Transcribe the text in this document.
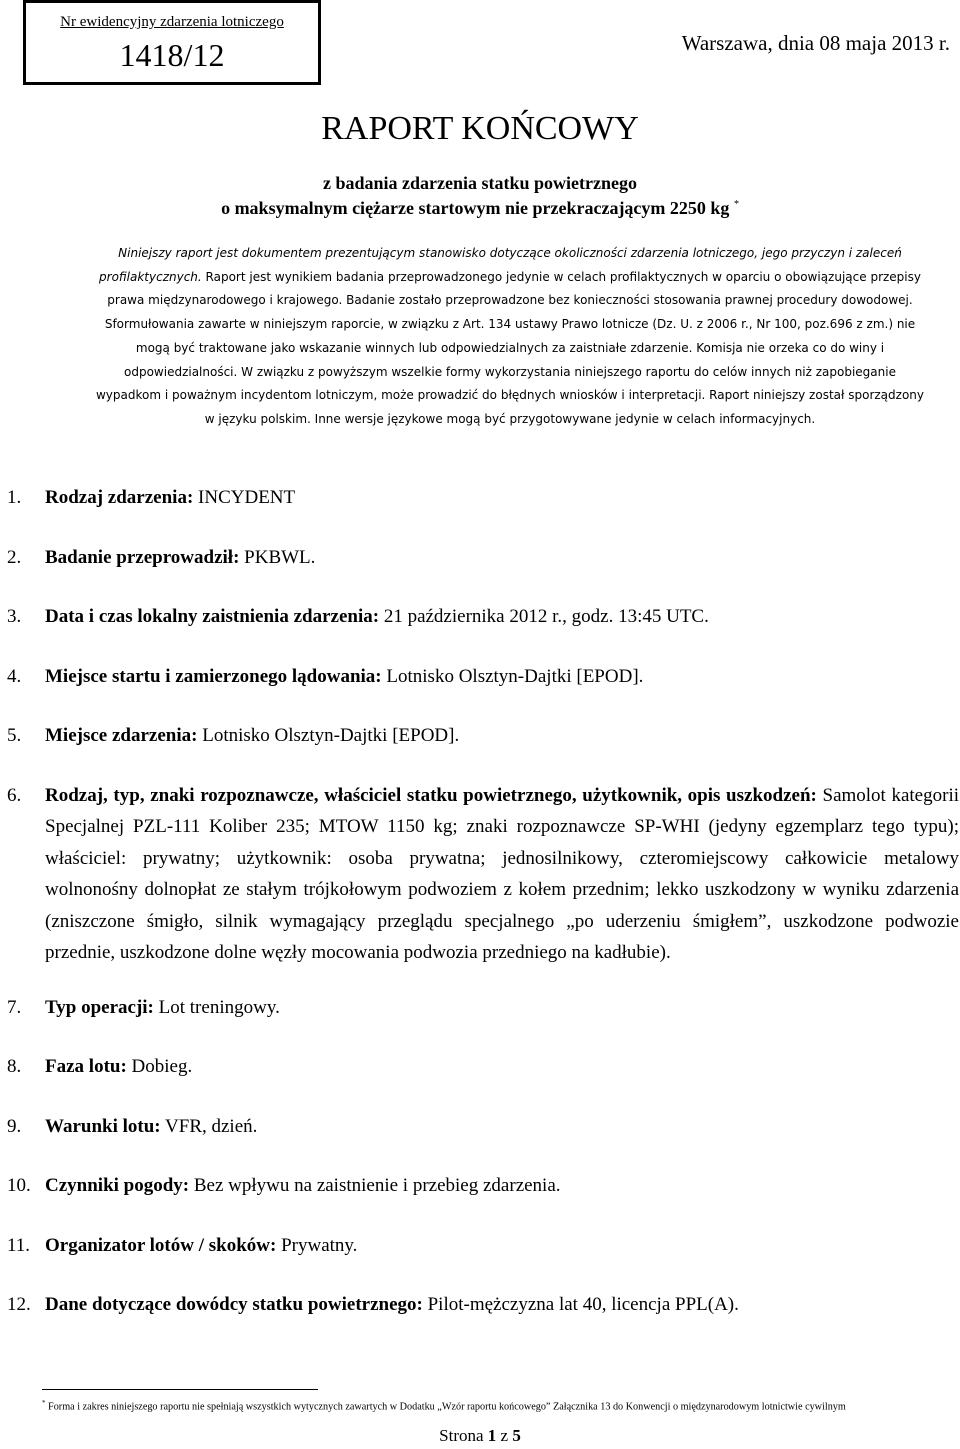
Nr ewidencyjny zdarzenia lotniczego
1418/12	Warszawa, dnia 08 maja 2013 r.
RAPORT KOŃCOWY
z badania zdarzenia statku powietrznego
o maksymalnym ciężarze startowym nie przekraczającym 2250 kg *
Niniejszy raport jest dokumentem prezentującym stanowisko dotyczące okoliczności zdarzenia lotniczego, jego przyczyn i zaleceń profilaktycznych. Raport jest wynikiem badania przeprowadzonego jedynie w celach profilaktycznych w oparciu o obowiązujące przepisy prawa międzynarodowego i krajowego. Badanie zostało przeprowadzone bez konieczności stosowania prawnej procedury dowodowej. Sformułowania zawarte w niniejszym raporcie, w związku z Art. 134 ustawy Prawo lotnicze (Dz. U. z 2006 r., Nr 100, poz.696 z zm.) nie mogą być traktowane jako wskazanie winnych lub odpowiedzialnych za zaistniałe zdarzenie. Komisja nie orzeka co do winy i odpowiedzialności. W związku z powyższym wszelkie formy wykorzystania niniejszego raportu do celów innych niż zapobieganie wypadkom i poważnym incydentom lotniczym, może prowadzić do błędnych wniosków i interpretacji. Raport niniejszy został sporządzony w języku polskim. Inne wersje językowe mogą być przygotowywane jedynie w celach informacyjnych.
1. Rodzaj zdarzenia: INCYDENT
2. Badanie przeprowadził: PKBWL.
3. Data i czas lokalny zaistnienia zdarzenia: 21 października 2012 r., godz. 13:45 UTC.
4. Miejsce startu i zamierzonego lądowania: Lotnisko Olsztyn-Dajtki [EPOD].
5. Miejsce zdarzenia: Lotnisko Olsztyn-Dajtki [EPOD].
6. Rodzaj, typ, znaki rozpoznawcze, właściciel statku powietrznego, użytkownik, opis uszkodzeń: Samolot kategorii Specjalnej PZL-111 Koliber 235; MTOW 1150 kg; znaki rozpoznawcze SP-WHI (jedyny egzemplarz tego typu); właściciel: prywatny; użytkownik: osoba prywatna; jednosilnikowy, czteromiejscowy całkowicie metalowy wolnonośny dolnopłat ze stałym trójkołowym podwoziem z kołem przednim; lekko uszkodzony w wyniku zdarzenia (zniszczone śmigło, silnik wymagający przeglądu specjalnego „po uderzeniu śmigłem”, uszkodzone podwozie przednie, uszkodzone dolne węzły mocowania podwozia przedniego na kadłubie).
7. Typ operacji: Lot treningowy.
8. Faza lotu: Dobieg.
9. Warunki lotu: VFR, dzień.
10. Czynniki pogody: Bez wpływu na zaistnienie i przebieg zdarzenia.
11. Organizator lotów / skoków: Prywatny.
12. Dane dotyczące dowódcy statku powietrznego: Pilot-mężczyzna lat 40, licencja PPL(A).
* Forma i zakres niniejszego raportu nie spełniają wszystkich wytycznych zawartych w Dodatku „Wzór raportu końcowego” Załącznika 13 do Konwencji o międzynarodowym lotnictwie cywilnym
Strona 1 z 5
